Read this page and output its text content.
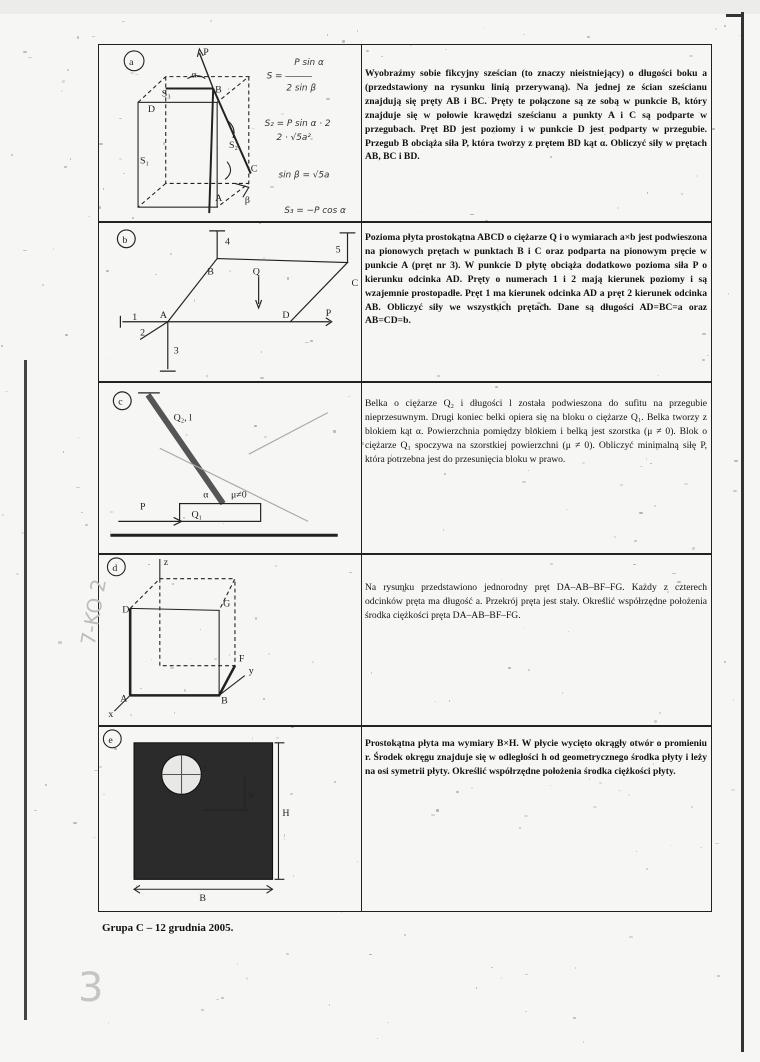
a
P
α
B
D
S₃
S₁
A β
C
S₂
P sin α
S = ―――
2 sin β
S₂ = P sin α · 2
2 · √5a²
sin β = √5a
S₃ = −P cos α
Wyobraźmy sobie fikcyjny sześcian (to znaczy nieistniejący) o długości boku a (przedstawiony na rysunku linią przerywaną). Na jednej ze ścian sześcianu znajdują się pręty AB i BC. Pręty te połączone są ze sobą w punkcie B, który znajduje się w połowie krawędzi sześcianu a punkty A i C są podparte w przegubach. Pręt BD jest poziomy i w punkcie D jest podparty w przegubie. Przegub B obciąża siła P, która tworzy z prętem BD kąt α. Obliczyć siły w prętach AB, BC i BD.
b
A
B
C
D
Q
P
4
5
1
2
3
Pozioma płyta prostokątna ABCD o ciężarze Q i o wymiarach a×b jest podwieszona na pionowych prętach w punktach B i C oraz podparta na pionowym pręcie w punkcie A (pręt nr 3). W punkcie D płytę obciąża dodatkowo pozioma siła P o kierunku odcinka AD. Pręty o numerach 1 i 2 mają kierunek poziomy i są wzajemnie prostopadłe. Pręt 1 ma kierunek odcinka AD a pręt 2 kierunek odcinka AB. Obliczyć siły we wszystkich prętach. Dane są długości AD=BC=a oraz AB=CD=b.
c
Q₂, l
α μ≠0
P
Q₁
Belka o ciężarze Q₂ i długości l została podwieszona do sufitu na przegubie nieprzesuwnym. Drugi koniec belki opiera się na bloku o ciężarze Q₁. Belka tworzy z blokiem kąt α. Powierzchnia pomiędzy blokiem i belką jest szorstka (μ ≠ 0). Blok o ciężarze Q₁ spoczywa na szorstkiej powierzchni (μ ≠ 0). Obliczyć minimalną siłę P, która potrzebna jest do przesunięcia bloku w prawo.
d
z
D
A	B
F
G
x
y
Na rysunku przedstawiono jednorodny pręt DA–AB–BF–FG. Każdy z czterech odcinków pręta ma długość a. Przekrój pręta jest stały. Określić współrzędne położenia środka ciężkości pręta DA–AB–BF–FG.
e
r
h
H
B
Prostokątna płyta ma wymiary B×H. W płycie wycięto okrągły otwór o promieniu r. Środek okręgu znajduje się w odległości h od geometrycznego środka płyty i leży na osi symetrii płyty. Określić współrzędne położenia środka ciężkości płyty.
Grupa C – 12 grudnia 2005.
7-KO 2
3
